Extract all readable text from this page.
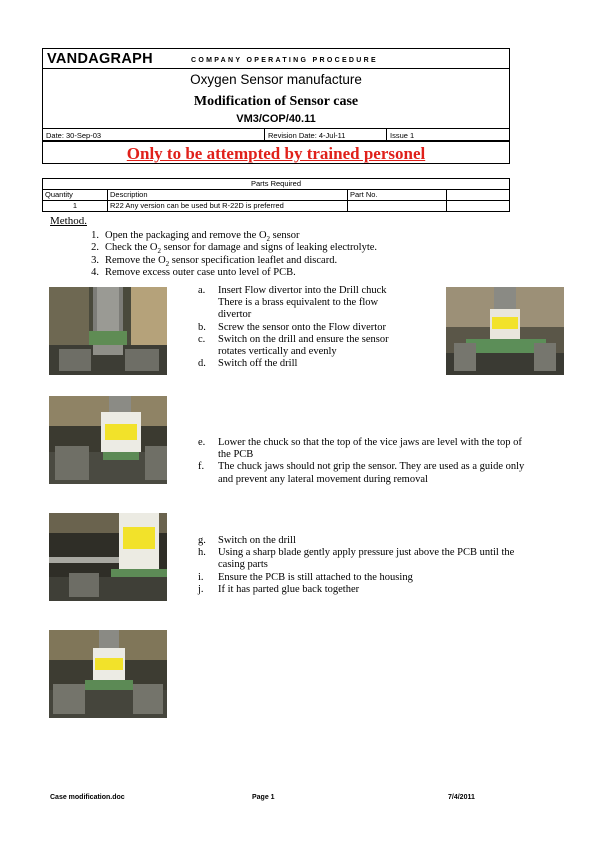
VANDAGRAPH	COMPANY OPERATING PROCEDURE
Oxygen Sensor manufacture
Modification of Sensor case
VM3/COP/40.11
Date: 30-Sep-03	Revision Date: 4-Jul-11	Issue 1
Only to be attempted by trained personel
Parts Required			
Quantity	Description	Part No.	
1	R22 Any version can be used but R-22D is preferred		
Method.
1. Open the packaging and remove the $O_2$ sensor
2. Check the $O_2$ sensor for damage and signs of leaking electrolyte.
3. Remove the $O_2$ sensor specification leaflet and discard.
4. Remove excess outer case unto level of PCB.
a. Insert Flow divertor into the Drill chuck
There is a brass equivalent to the flow
divertor
b. Screw the sensor onto the Flow divertor
c. Switch on the drill and ensure the sensor
rotates vertically and evenly
d. Switch off the drill
e. Lower the chuck so that the top of the vice jaws are level with the top of
the PCB
f. The chuck jaws should not grip the sensor. They are used as a guide only
and prevent any lateral movement during removal
g. Switch on the drill
h. Using a sharp blade gently apply pressure just above the PCB until the
casing parts
i. Ensure the PCB is still attached to the housing
j. If it has parted glue back together
Case modification.doc	Page 1	7/4/2011
